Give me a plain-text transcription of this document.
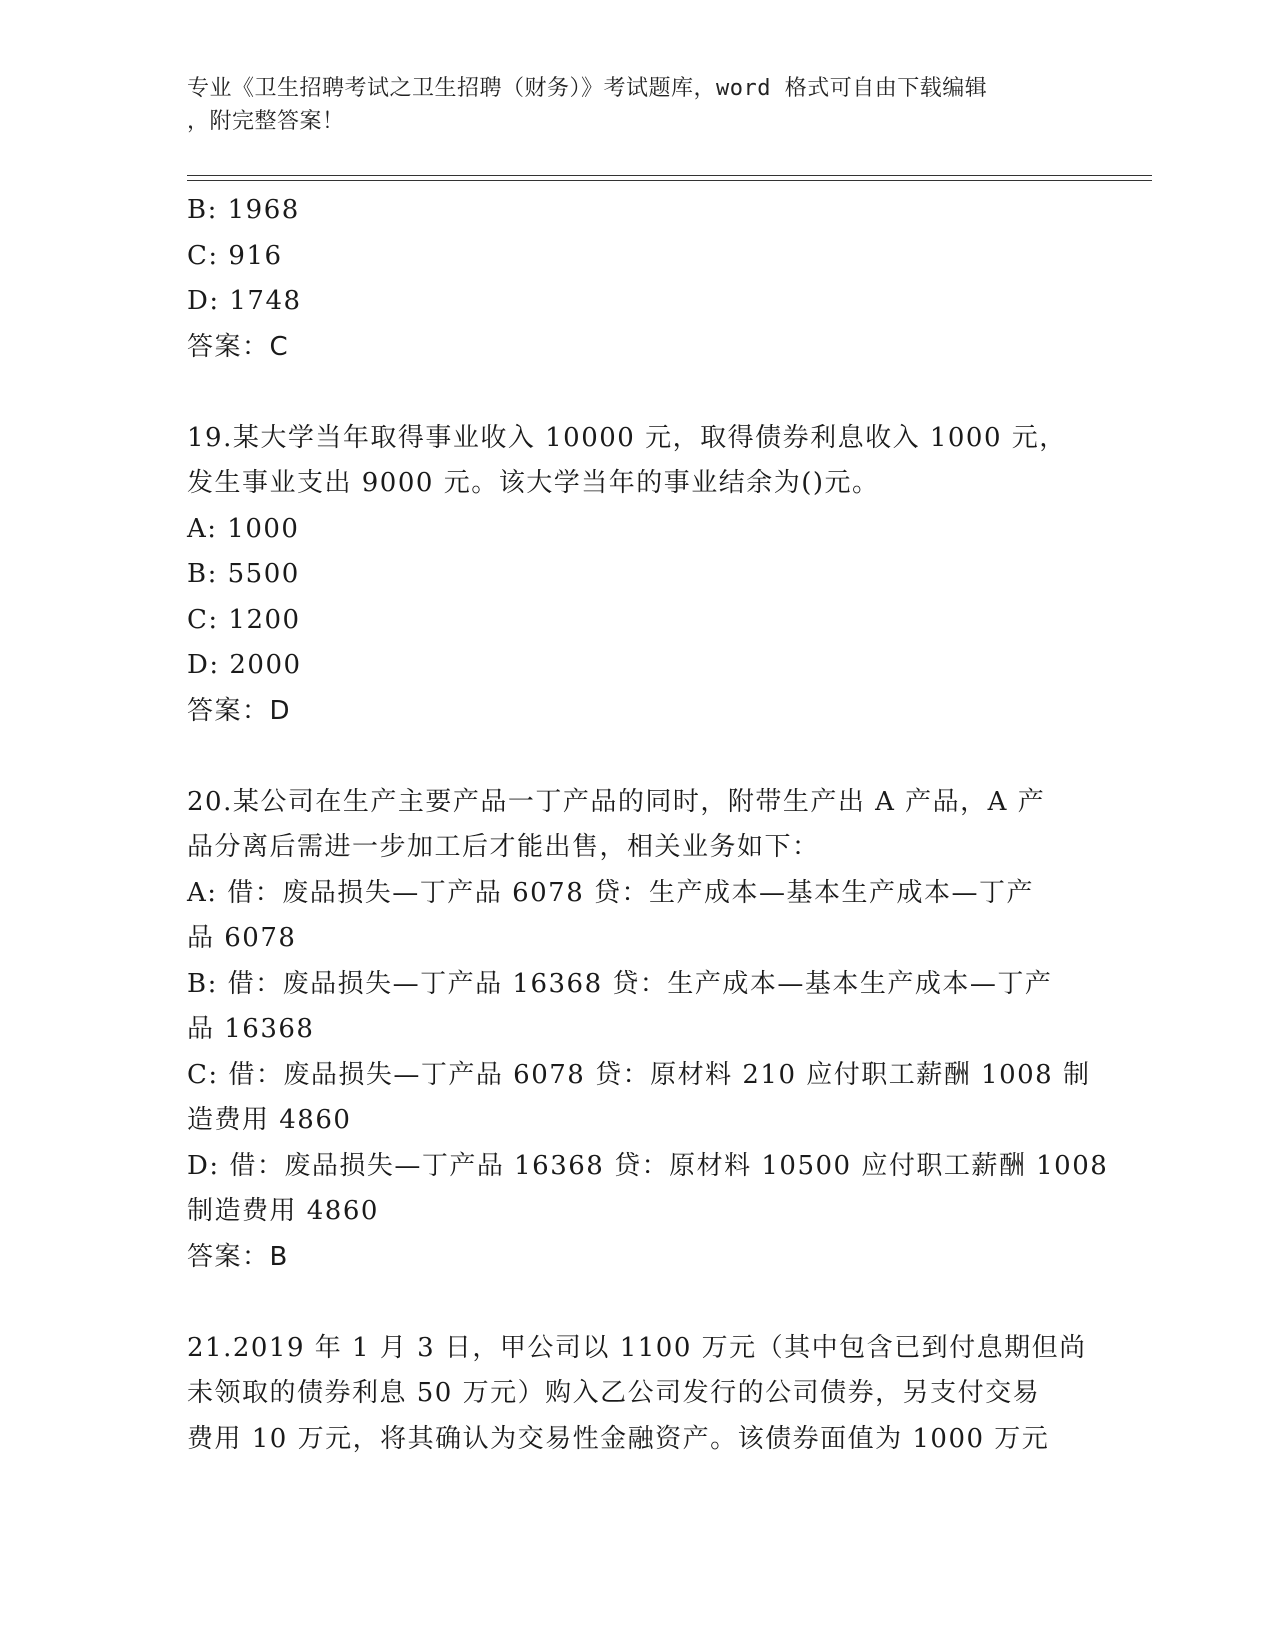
专业《卫生招聘考试之卫生招聘（财务）》考试题库，word 格式可自由下载编辑
，附完整答案！
B: 1968
C: 916
D: 1748
答案：C
19.某大学当年取得事业收入 10000 元，取得债券利息收入 1000 元，
发生事业支出 9000 元。该大学当年的事业结余为()元。
A: 1000
B: 5500
C: 1200
D: 2000
答案：D
20.某公司在生产主要产品一丁产品的同时，附带生产出 A 产品，A 产
品分离后需进一步加工后才能出售，相关业务如下：
A: 借：废品损失—丁产品 6078 贷：生产成本—基本生产成本—丁产
品 6078
B: 借：废品损失—丁产品 16368 贷：生产成本—基本生产成本—丁产
品 16368
C: 借：废品损失—丁产品 6078 贷：原材料 210 应付职工薪酬 1008 制
造费用 4860
D: 借：废品损失—丁产品 16368 贷：原材料 10500 应付职工薪酬 1008
制造费用 4860
答案：B
21.2019 年 1 月 3 日，甲公司以 1100 万元（其中包含已到付息期但尚
未领取的债券利息 50 万元）购入乙公司发行的公司债券，另支付交易
费用 10 万元，将其确认为交易性金融资产。该债券面值为 1000 万元
